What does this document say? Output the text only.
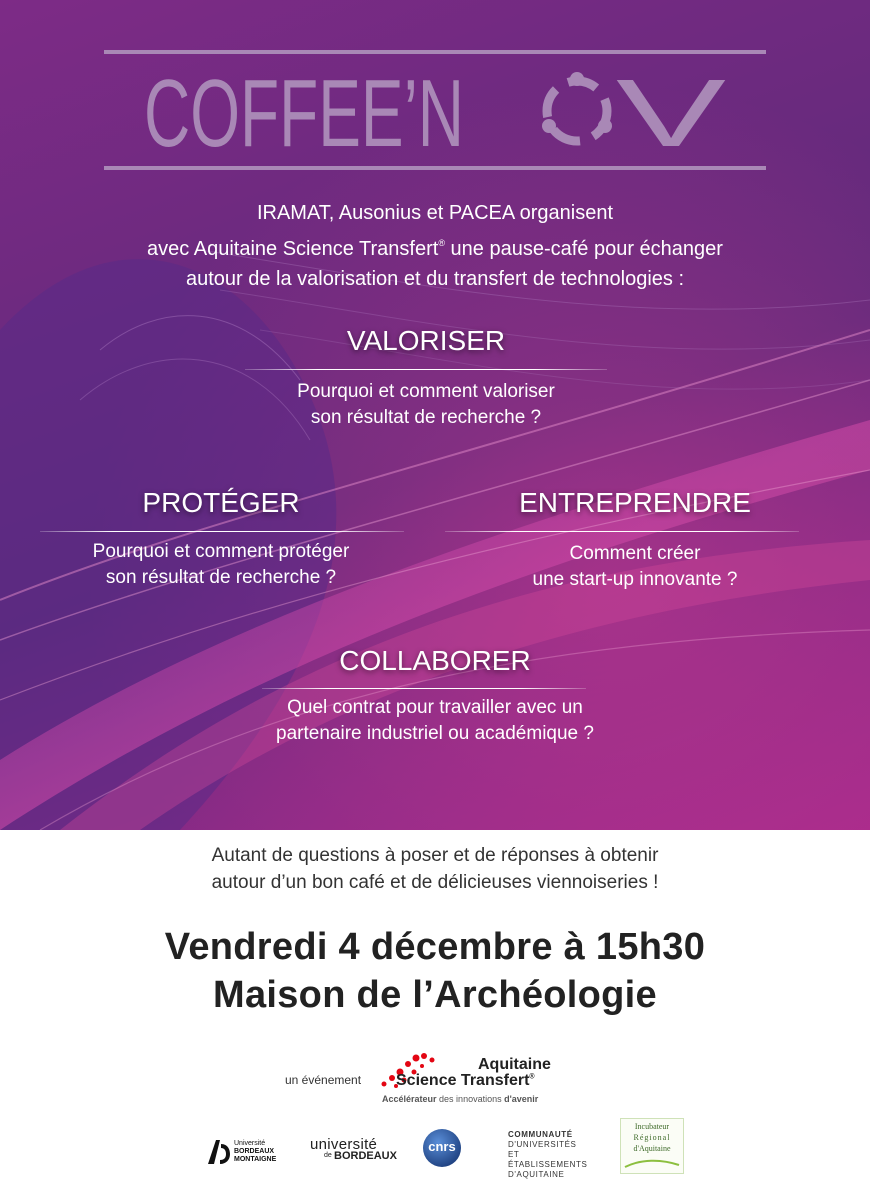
COFFEE’N V
IRAMAT, Ausonius et PACEA organisent
avec Aquitaine Science Transfert® une pause-café pour échanger
autour de la valorisation et du transfert de technologies :
VALORISER
Pourquoi et comment valoriser
son résultat de recherche ?
PROTÉGER
Pourquoi et comment protéger
son résultat de recherche ?
ENTREPRENDRE
Comment créer
une start-up innovante ?
COLLABORER
Quel contrat pour travailler avec un
partenaire industriel ou académique ?
Autant de questions à poser et de réponses à obtenir
autour d’un bon café et de délicieuses viennoiseries !
Vendredi 4 décembre à 15h30
Maison de l’Archéologie
un événement
Aquitaine
Science Transfert®
Accélérateur des innovations d'avenir
Université
BORDEAUX
MONTAIGNE
université
de BORDEAUX
cnrs
COMMUNAUTÉ
D'UNIVERSITÉS
ET ÉTABLISSEMENTS
D'AQUITAINE
Incubateur
Régional
d'Aquitaine
